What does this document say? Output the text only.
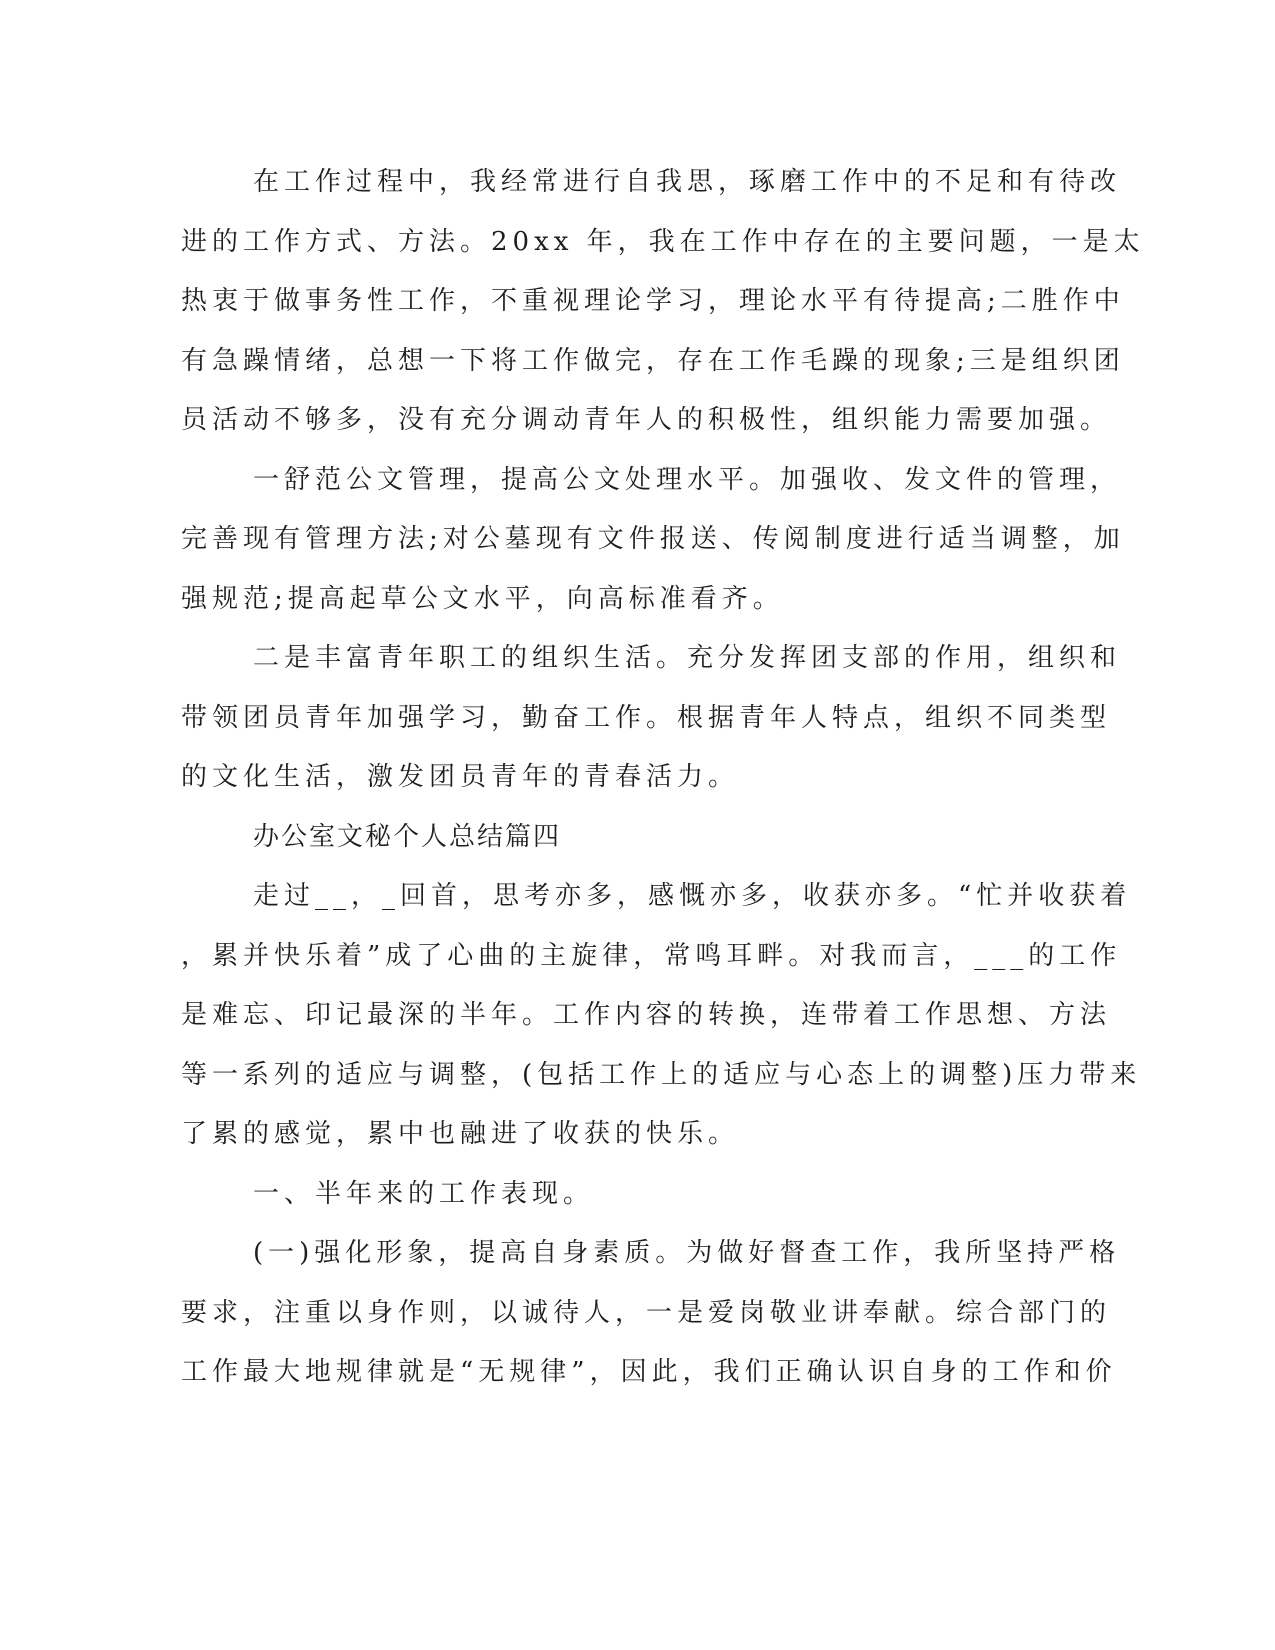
在工作过程中，我经常进行自我思，琢磨工作中的不足和有待改
进的工作方式、方法。20xx 年，我在工作中存在的主要问题，一是太
热衷于做事务性工作，不重视理论学习，理论水平有待提高;二胜作中
有急躁情绪，总想一下将工作做完，存在工作毛躁的现象;三是组织团
员活动不够多，没有充分调动青年人的积极性，组织能力需要加强。
一舒范公文管理，提高公文处理水平。加强收、发文件的管理，
完善现有管理方法;对公墓现有文件报送、传阅制度进行适当调整，加
强规范;提高起草公文水平，向高标准看齐。
二是丰富青年职工的组织生活。充分发挥团支部的作用，组织和
带领团员青年加强学习，勤奋工作。根据青年人特点，组织不同类型
的文化生活，激发团员青年的青春活力。
办公室文秘个人总结篇四
走过__，_回首，思考亦多，感慨亦多，收获亦多。“忙并收获着
，累并快乐着”成了心曲的主旋律，常鸣耳畔。对我而言，___的工作
是难忘、印记最深的半年。工作内容的转换，连带着工作思想、方法
等一系列的适应与调整，(包括工作上的适应与心态上的调整)压力带来
了累的感觉，累中也融进了收获的快乐。
一、半年来的工作表现。
(一)强化形象，提高自身素质。为做好督查工作，我所坚持严格
要求，注重以身作则，以诚待人，一是爱岗敬业讲奉献。综合部门的
工作最大地规律就是“无规律”，因此，我们正确认识自身的工作和价
